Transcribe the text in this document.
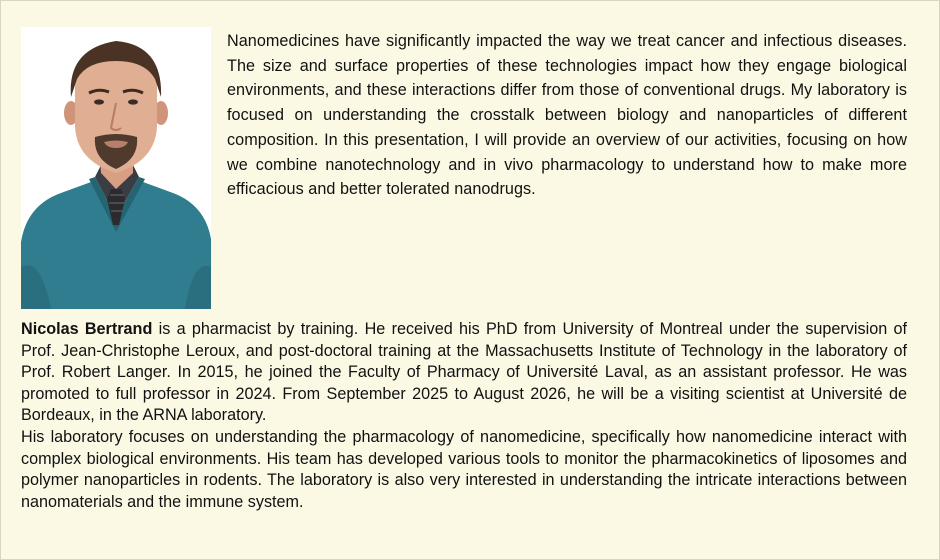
Nanomedicines have significantly impacted the way we treat cancer and infectious diseases. The size and surface properties of these technologies impact how they engage biological environments, and these interactions differ from those of conventional drugs. My laboratory is focused on understanding the crosstalk between biology and nanoparticles of different composition. In this presentation, I will provide an overview of our activities, focusing on how we combine nanotechnology and in vivo pharmacology to understand how to make more efficacious and better tolerated nanodrugs.

Nicolas Bertrand is a pharmacist by training. He received his PhD from University of Montreal under the supervision of Prof. Jean-Christophe Leroux, and post-doctoral training at the Massachusetts Institute of Technology in the laboratory of Prof. Robert Langer. In 2015, he joined the Faculty of Pharmacy of Université Laval, as an assistant professor. He was promoted to full professor in 2024. From September 2025 to August 2026, he will be a visiting scientist at Université de Bordeaux, in the ARNA laboratory.

His laboratory focuses on understanding the pharmacology of nanomedicine, specifically how nanomedicine interact with complex biological environments. His team has developed various tools to monitor the pharmacokinetics of liposomes and polymer nanoparticles in rodents. The laboratory is also very interested in understanding the intricate interactions between nanomaterials and the immune system.
